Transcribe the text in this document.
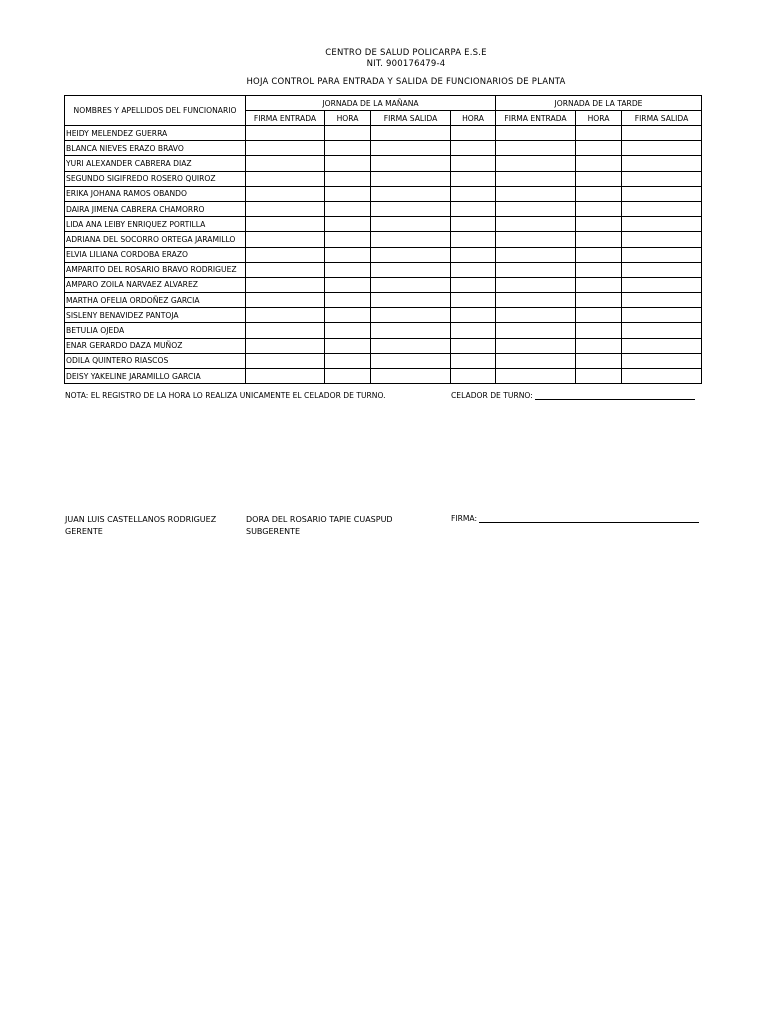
CENTRO DE SALUD POLICARPA E.S.E
NIT. 900176479-4
HOJA CONTROL PARA ENTRADA Y SALIDA DE FUNCIONARIOS DE PLANTA
NOMBRES Y APELLIDOS DEL FUNCIONARIO	JORNADA DE LA MAÑANA				JORNADA DE LA TARDE		
	FIRMA ENTRADA	HORA	FIRMA SALIDA	HORA	FIRMA ENTRADA	HORA	FIRMA SALIDA
HEIDY MELENDEZ GUERRA							
BLANCA NIEVES ERAZO BRAVO							
YURI ALEXANDER CABRERA DIAZ							
SEGUNDO SIGIFREDO ROSERO QUIROZ							
ERIKA JOHANA RAMOS OBANDO							
DAIRA JIMENA CABRERA CHAMORRO							
LIDA ANA LEIBY ENRIQUEZ PORTILLA							
ADRIANA DEL SOCORRO ORTEGA JARAMILLO							
ELVIA LILIANA CORDOBA ERAZO							
AMPARITO DEL ROSARIO BRAVO RODRIGUEZ							
AMPARO ZOILA NARVAEZ ALVAREZ							
MARTHA OFELIA ORDOÑEZ GARCIA							
SISLENY BENAVIDEZ PANTOJA							
BETULIA OJEDA							
ENAR GERARDO DAZA MUÑOZ							
ODILA QUINTERO RIASCOS							
DEISY YAKELINE JARAMILLO GARCIA							
NOTA: EL REGISTRO DE LA HORA LO REALIZA UNICAMENTE EL CELADOR DE TURNO.	CELADOR DE TURNO:
JUAN LUIS CASTELLANOS RODRIGUEZ
GERENTE
DORA DEL ROSARIO TAPIE CUASPUD
SUBGERENTE
FIRMA:
